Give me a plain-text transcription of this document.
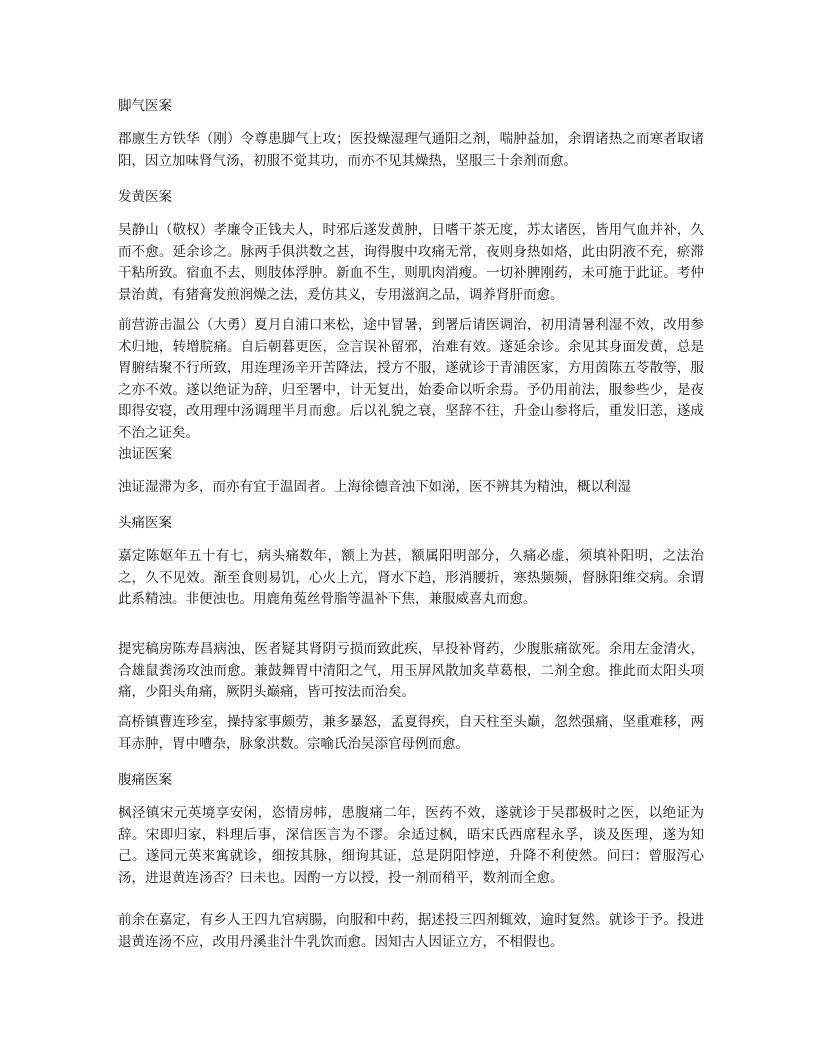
脚气医案

郡廪生方铁华（刚）令尊患脚气上攻；医投燥湿理气通阳之剂，喘肿益加，余谓诸热之而寒者取诸阳，因立加味肾气汤，初服不觉其功，而亦不见其燥热，坚服三十余剂而愈。

发黄医案

吴静山（敬权）孝廉令正钱夫人，时邪后遂发黄肿，日嗜干茶无度，苏太诸医，皆用气血并补，久而不愈。延余诊之。脉两手俱洪数之甚，询得腹中攻痛无常，夜则身热如烙，此由阴液不充，瘀滞干粘所致。宿血不去，则肢体浮肿。新血不生，则肌肉消瘦。一切补脾刚药，未可施于此证。考仲景治黄，有猪膏发煎润燥之法，爰仿其义，专用滋润之品，调养肾肝而愈。

前营游击温公（大勇）夏月自浦口来松，途中冒暑，到署后请医调治，初用清暑利湿不效，改用参术归地，转增脘痛。自后朝暮更医，佥言误补留邪，治难有效。遂延余诊。余见其身面发黄，总是胃腑结聚不行所致，用连理汤辛开苦降法，授方不服，遂就诊于青浦医家，方用茵陈五苓散等，服之亦不效。遂以绝证为辞，归至署中，计无复出，始委命以听余焉。予仍用前法，服参些少，是夜即得安寝，改用理中汤调理半月而愈。后以礼貌之衰，坚辞不往，升金山参将后，重发旧恙，遂成不治之证矣。

浊证医案

浊证湿滞为多，而亦有宜于温固者。上海徐德音浊下如涕，医不辨其为精浊，概以利湿

头痛医案

嘉定陈妪年五十有七，病头痛数年，额上为甚，额属阳明部分，久痛必虚，须填补阳明，之法治之，久不见效。渐至食则易饥，心火上亢，肾水下趋，形消腰折，寒热频频，督脉阳维交病。余谓此系精浊。非便浊也。用鹿角菟丝骨脂等温补下焦，兼服威喜丸而愈。

提宪稿房陈寿昌病浊，医者疑其肾阴亏损而致此疾，早投补肾药，少腹胀痛欲死。余用左金清火，合雄鼠粪汤攻浊而愈。兼鼓舞胃中清阳之气，用玉屏风散加炙草葛根，二剂全愈。推此而太阳头项痛，少阳头角痛，厥阴头巅痛，皆可按法而治矣。

高桥镇曹连珍室，操持家事颇劳，兼多暴怒，孟夏得疾，自天柱至头巅，忽然强痛，坚重难移，两耳赤肿，胃中嘈杂，脉象洪数。宗喻氏治吴添官母例而愈。

腹痛医案

枫泾镇宋元英境享安闲，恣情房帏，患腹痛二年，医药不效，遂就诊于吴郡极时之医，以绝证为辞。宋即归家，料理后事，深信医言为不谬。余适过枫，晤宋氏西席程永孚，谈及医理，遂为知己。遂同元英来寓就诊，细按其脉，细询其证，总是阴阳悖逆，升降不利使然。问曰：曾服泻心汤，进退黄连汤否？曰未也。因酌一方以授，投一剂而稍平，数剂而全愈。

前余在嘉定，有乡人王四九官病腸，向服和中药，据述投三四剂辄效，逾时复然。就诊于予。投进退黄连汤不应，改用丹溪韭汁牛乳饮而愈。因知古人因证立方，不相假也。
